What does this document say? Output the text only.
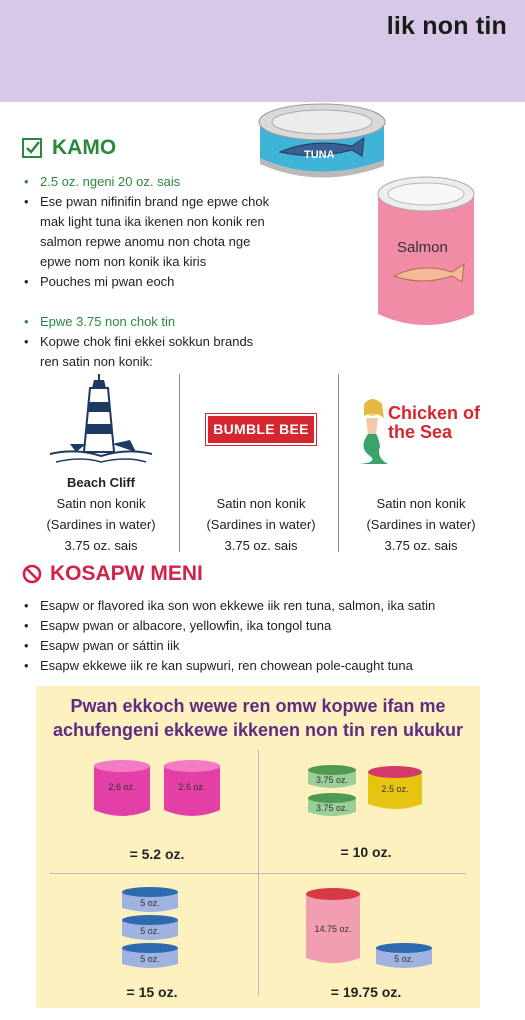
lik non tin
TUNA
Salmon
KAMO
• 2.5 oz. ngeni 20 oz. sais
• Ese pwan nifinifin brand nge epwe chok mak light tuna ika ikenen non konik ren salmon repwe anomu non chota nge epwe nom non konik ika kiris
• Pouches mi pwan eoch
• Epwe 3.75 non chok tin
• Kopwe chok fini ekkei sokkun brands ren satin non konik:
Beach Cliff
Satin non konik
(Sardines in water)
3.75 oz. sais
BUMBLE BEE
Satin non konik
(Sardines in water)
3.75 oz. sais
Chicken of the Sea
Satin non konik
(Sardines in water)
3.75 oz. sais
KOSAPW MENI
• Esapw or flavored ika son won ekkewe iik ren tuna, salmon, ika satin
• Esapw pwan or albacore, yellowfin, ika tongol tuna
• Esapw pwan or sáttin iik
• Esapw ekkewe iik re kan supwuri, ren chowean pole-caught tuna
Pwan ekkoch wewe ren omw kopwe ifan me
achufengeni ekkewe ikkenen non tin ren ukukur
2.6 oz.	2.6 oz.
= 5.2 oz.
3.75 oz.
3.75 oz.
2.5 oz.
= 10 oz.
5 oz.
5 oz.
5 oz.
= 15 oz.
14.75 oz.
5 oz.
= 19.75 oz.
